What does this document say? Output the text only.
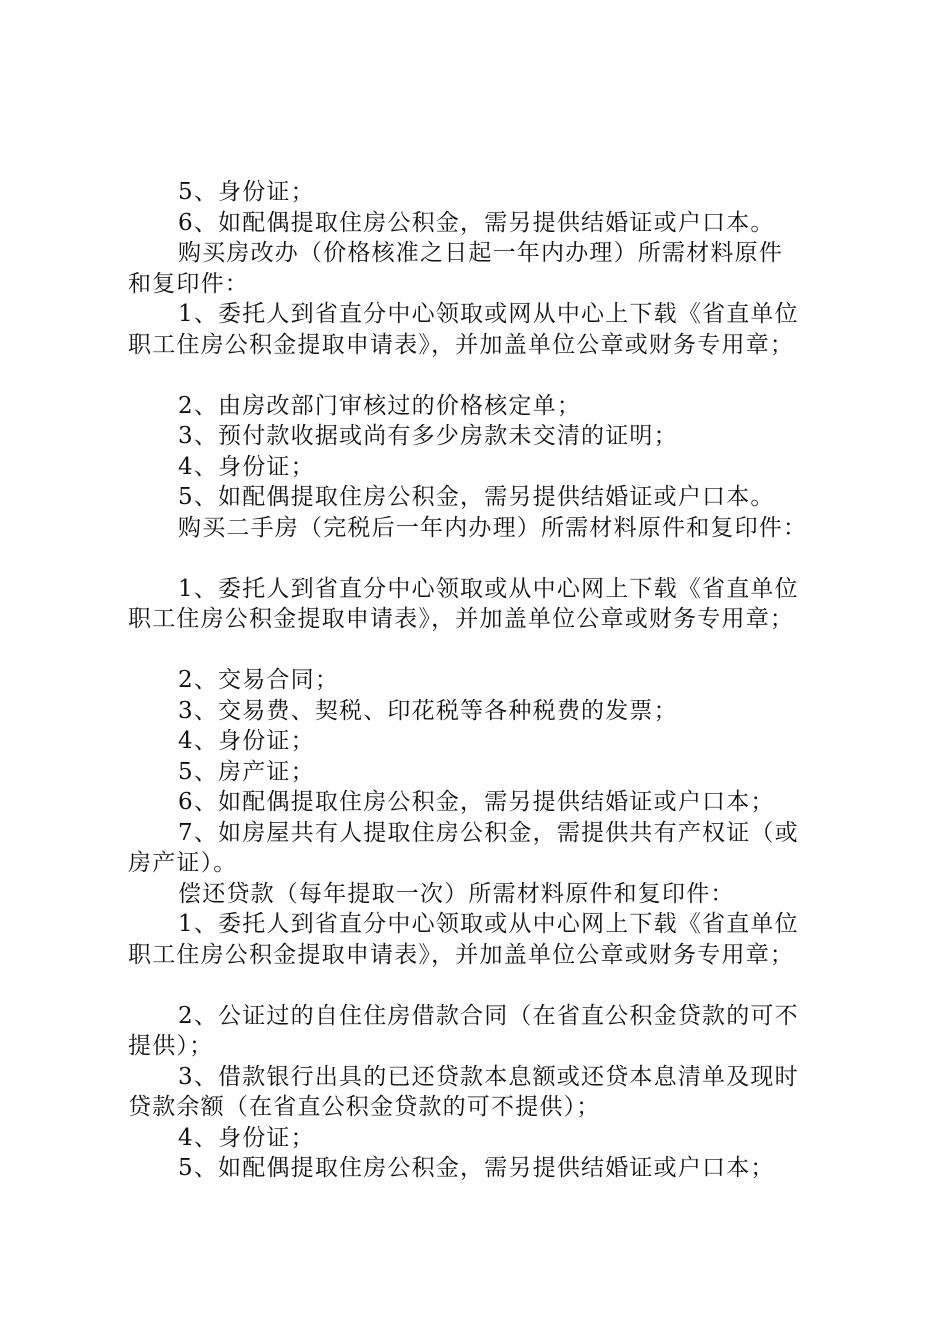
5、身份证；
6、如配偶提取住房公积金，需另提供结婚证或户口本。
购买房改办（价格核准之日起一年内办理）所需材料原件
和复印件：
1、委托人到省直分中心领取或网从中心上下载《省直单位
职工住房公积金提取申请表》，并加盖单位公章或财务专用章；
2、由房改部门审核过的价格核定单；
3、预付款收据或尚有多少房款未交清的证明；
4、身份证；
5、如配偶提取住房公积金，需另提供结婚证或户口本。
购买二手房（完税后一年内办理）所需材料原件和复印件：
1、委托人到省直分中心领取或从中心网上下载《省直单位
职工住房公积金提取申请表》，并加盖单位公章或财务专用章；
2、交易合同；
3、交易费、契税、印花税等各种税费的发票；
4、身份证；
5、房产证；
6、如配偶提取住房公积金，需另提供结婚证或户口本；
7、如房屋共有人提取住房公积金，需提供共有产权证（或
房产证）。
偿还贷款（每年提取一次）所需材料原件和复印件：
1、委托人到省直分中心领取或从中心网上下载《省直单位
职工住房公积金提取申请表》，并加盖单位公章或财务专用章；
2、公证过的自住住房借款合同（在省直公积金贷款的可不
提供）；
3、借款银行出具的已还贷款本息额或还贷本息清单及现时
贷款余额（在省直公积金贷款的可不提供）；
4、身份证；
5、如配偶提取住房公积金，需另提供结婚证或户口本；
